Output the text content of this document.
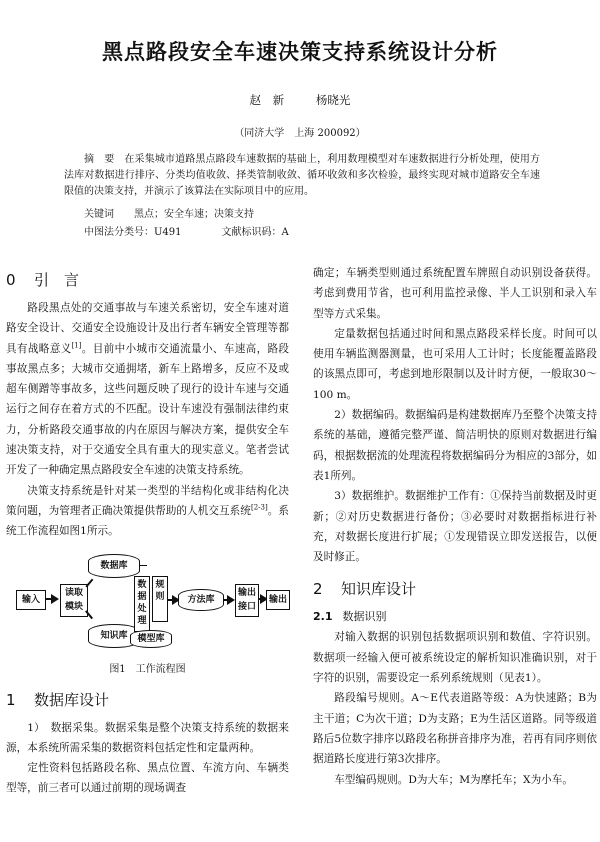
黑点路段安全车速决策支持系统设计分析
赵　新	杨晓光
（同济大学　上海 200092）
摘　要 在采集城市道路黑点路段车速数据的基础上，利用数理模型对车速数据进行分析处理，使用方法库对数据进行排序、分类均值收敛、择类管制收敛、循环收敛和多次检验，最终实现对城市道路安全车速限值的决策支持，并演示了该算法在实际项目中的应用。
关键词 黑点；安全车速；决策支持
中图法分类号：U491	文献标识码：A
0 引　言

路段黑点处的交通事故与车速关系密切，安全车速对道路安全设计、交通安全设施设计及出行者车辆安全管理等都具有战略意义[1]。目前中小城市交通流量小、车速高，路段事故黑点多；大城市交通拥堵，新车上路增多，反应不及或超车侧蹭等事故多，这些问题反映了现行的设计车速与交通运行之间存在着方式的不匹配。设计车速没有强制法律约束力，分析路段交通事故的内在原因与解决方案，提供安全车速决策支持，对于交通安全具有重大的现实意义。笔者尝试开发了一种确定黑点路段安全车速的决策支持系统。

决策支持系统是针对某一类型的半结构化或非结构化决策问题，为管理者正确决策提供帮助的人机交互系统[2-3]。系统工作流程如图1所示。

输入
读取
模块
数据库
知识库
数
据
处
理
规
则
模型库
方法库
输出
接口
输出
图1　工作流程图
1 数据库设计

1）　数据采集。数据采集是整个决策支持系统的数据来源，本系统所需采集的数据资料包括定性和定量两种。

定性资料包括路段名称、黑点位置、车流方向、车辆类型等，前三者可以通过前期的现场调查

确定；车辆类型则通过系统配置车牌照自动识别设备获得。考虑到费用节省，也可利用监控录像、半人工识别和录入车型等方式采集。

定量数据包括通过时间和黑点路段采样长度。时间可以使用车辆监测器测量，也可采用人工计时；长度能覆盖路段的该黑点即可，考虑到地形限制以及计时方便，一般取30～100 m。

2）数据编码。数据编码是构建数据库乃至整个决策支持系统的基础，遵循完整严谨、简洁明快的原则对数据进行编码，根据数据流的处理流程将数据编码分为相应的3部分，如表1所列。

3）数据维护。数据维护工作有：①保持当前数据及时更新；②对历史数据进行备份；③必要时对数据指标进行补充，对数据长度进行扩展；①发现错误立即发送报告，以便及时修正。

2 知识库设计
2.1 数据识别

对输入数据的识别包括数据项识别和数值、字符识别。数据项一经输入便可被系统设定的解析知识准确识别，对于字符的识别，需要设定一系列系统规则（见表1）。

路段编号规则。A～E代表道路等级：A为快速路；B为主干道；C为次干道；D为支路；E为生活区道路。同等级道路后5位数字排序以路段名称拼音排序为准，若再有同序则依据道路长度进行第3次排序。

车型编码规则。D为大车；M为摩托车；X为小车。
